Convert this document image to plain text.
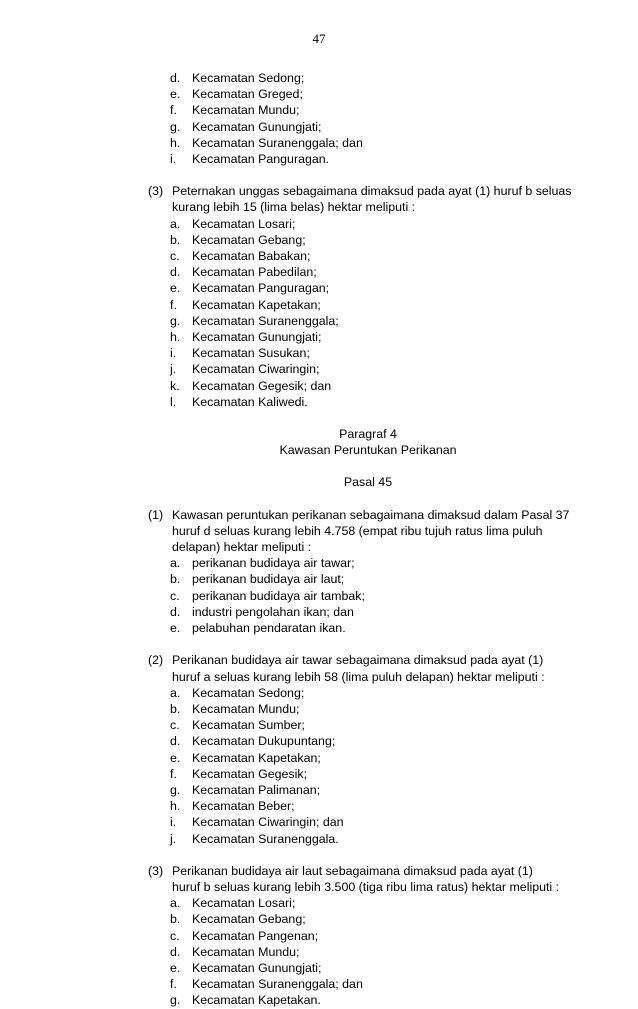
47
d. Kecamatan Sedong;
e. Kecamatan Greged;
f.	Kecamatan Mundu;
g. Kecamatan Gunungjati;
h. Kecamatan Suranenggala; dan
i.	Kecamatan Panguragan.
(3) Peternakan unggas sebagaimana dimaksud pada ayat (1) huruf b seluas
kurang lebih 15 (lima belas) hektar meliputi :
a. Kecamatan Losari;
b. Kecamatan Gebang;
c. Kecamatan Babakan;
d. Kecamatan Pabedilan;
e. Kecamatan Panguragan;
f.	Kecamatan Kapetakan;
g. Kecamatan Suranenggala;
h. Kecamatan Gunungjati;
i.	Kecamatan Susukan;
j.	Kecamatan Ciwaringin;
k. Kecamatan Gegesik; dan
l.	Kecamatan Kaliwedi.
Paragraf 4
Kawasan Peruntukan Perikanan
Pasal 45
(1) Kawasan peruntukan perikanan sebagaimana dimaksud dalam Pasal 37
huruf d seluas kurang lebih 4.758 (empat ribu tujuh ratus lima puluh
delapan) hektar meliputi :
a. perikanan budidaya air tawar;
b. perikanan budidaya air laut;
c. perikanan budidaya air tambak;
d. industri pengolahan ikan; dan
e. pelabuhan pendaratan ikan.
(2) Perikanan budidaya air tawar sebagaimana dimaksud pada ayat (1)
huruf a seluas kurang lebih 58 (lima puluh delapan) hektar meliputi :
a. Kecamatan Sedong;
b. Kecamatan Mundu;
c. Kecamatan Sumber;
d. Kecamatan Dukupuntang;
e. Kecamatan Kapetakan;
f.	Kecamatan Gegesik;
g. Kecamatan Palimanan;
h. Kecamatan Beber;
i.	Kecamatan Ciwaringin; dan
j.	Kecamatan Suranenggala.
(3) Perikanan budidaya air laut sebagaimana dimaksud pada ayat (1)
huruf b seluas kurang lebih 3.500 (tiga ribu lima ratus) hektar meliputi :
a. Kecamatan Losari;
b. Kecamatan Gebang;
c. Kecamatan Pangenan;
d. Kecamatan Mundu;
e. Kecamatan Gunungjati;
f.	Kecamatan Suranenggala; dan
g. Kecamatan Kapetakan.
